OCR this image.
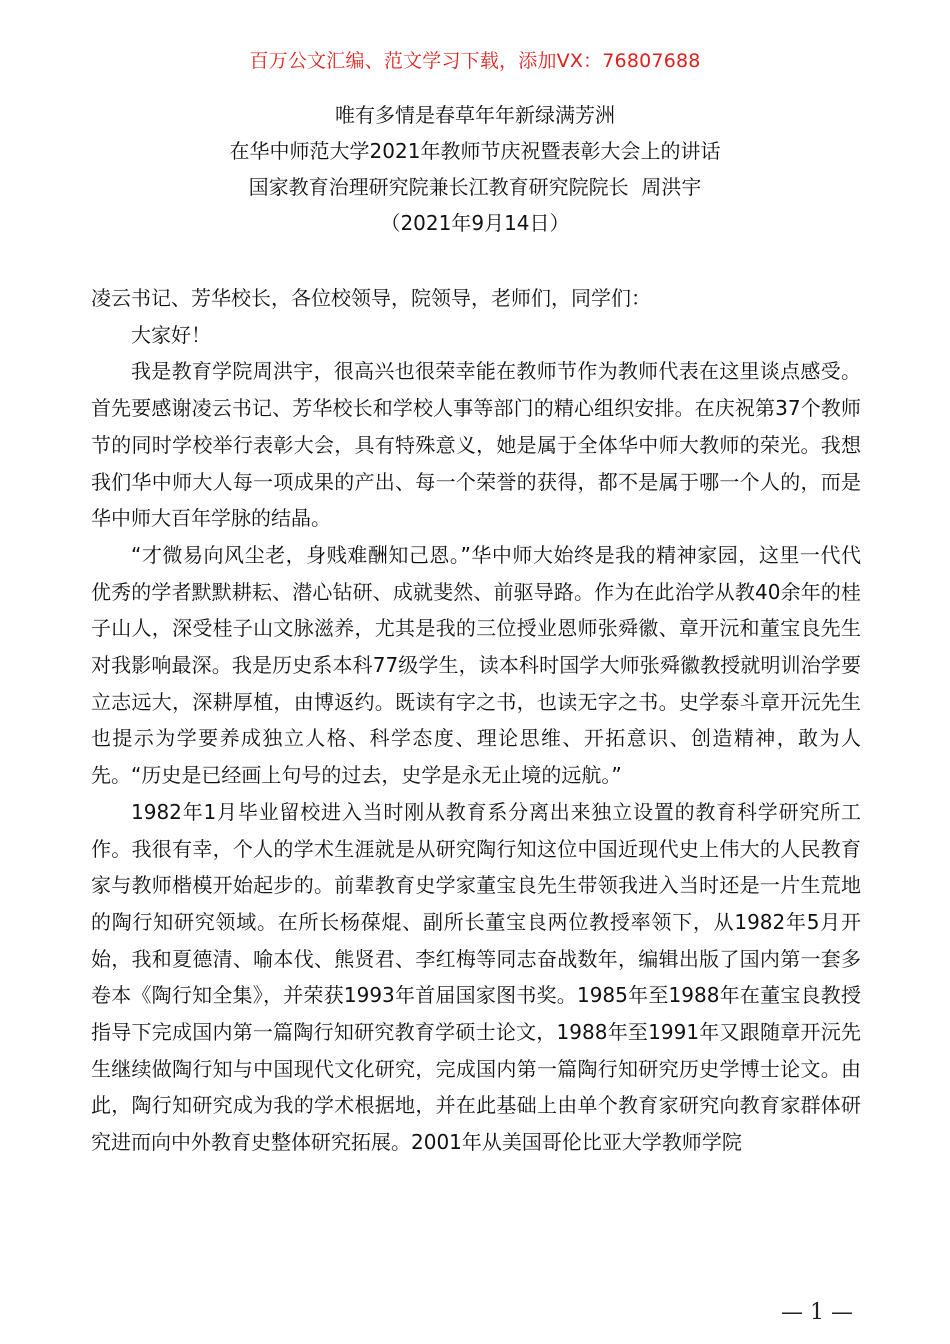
百万公文汇编、范文学习下载，添加VX：76807688
唯有多情是春草年年新绿满芳洲
在华中师范大学2021年教师节庆祝暨表彰大会上的讲话
国家教育治理研究院兼长江教育研究院院长  周洪宇
（2021年9月14日）

凌云书记、芳华校长，各位校领导，院领导，老师们，同学们：

大家好！

我是教育学院周洪宇，很高兴也很荣幸能在教师节作为教师代表在这里谈点感受。首先要感谢凌云书记、芳华校长和学校人事等部门的精心组织安排。在庆祝第37个教师节的同时学校举行表彰大会，具有特殊意义，她是属于全体华中师大教师的荣光。我想我们华中师大人每一项成果的产出、每一个荣誉的获得，都不是属于哪一个人的，而是华中师大百年学脉的结晶。

“才微易向风尘老，身贱难酬知己恩。”华中师大始终是我的精神家园，这里一代代优秀的学者默默耕耘、潜心钻研、成就斐然、前驱导路。作为在此治学从教40余年的桂子山人，深受桂子山文脉滋养，尤其是我的三位授业恩师张舜徽、章开沅和董宝良先生对我影响最深。我是历史系本科77级学生，读本科时国学大师张舜徽教授就明训治学要立志远大，深耕厚植，由博返约。既读有字之书，也读无字之书。史学泰斗章开沅先生也提示为学要养成独立人格、科学态度、理论思维、开拓意识、创造精神，敢为人先。“历史是已经画上句号的过去，史学是永无止境的远航。”

1982年1月毕业留校进入当时刚从教育系分离出来独立设置的教育科学研究所工作。我很有幸，个人的学术生涯就是从研究陶行知这位中国近现代史上伟大的人民教育家与教师楷模开始起步的。前辈教育史学家董宝良先生带领我进入当时还是一片生荒地的陶行知研究领域。在所长杨葆焜、副所长董宝良两位教授率领下，从1982年5月开始，我和夏德清、喻本伐、熊贤君、李红梅等同志奋战数年，编辑出版了国内第一套多卷本《陶行知全集》，并荣获1993年首届国家图书奖。1985年至1988年在董宝良教授指导下完成国内第一篇陶行知研究教育学硕士论文，1988年至1991年又跟随章开沅先生继续做陶行知与中国现代文化研究，完成国内第一篇陶行知研究历史学博士论文。由此，陶行知研究成为我的学术根据地，并在此基础上由单个教育家研究向教育家群体研究进而向中外教育史整体研究拓展。2001年从美国哥伦比亚大学教师学院

— 1 —
